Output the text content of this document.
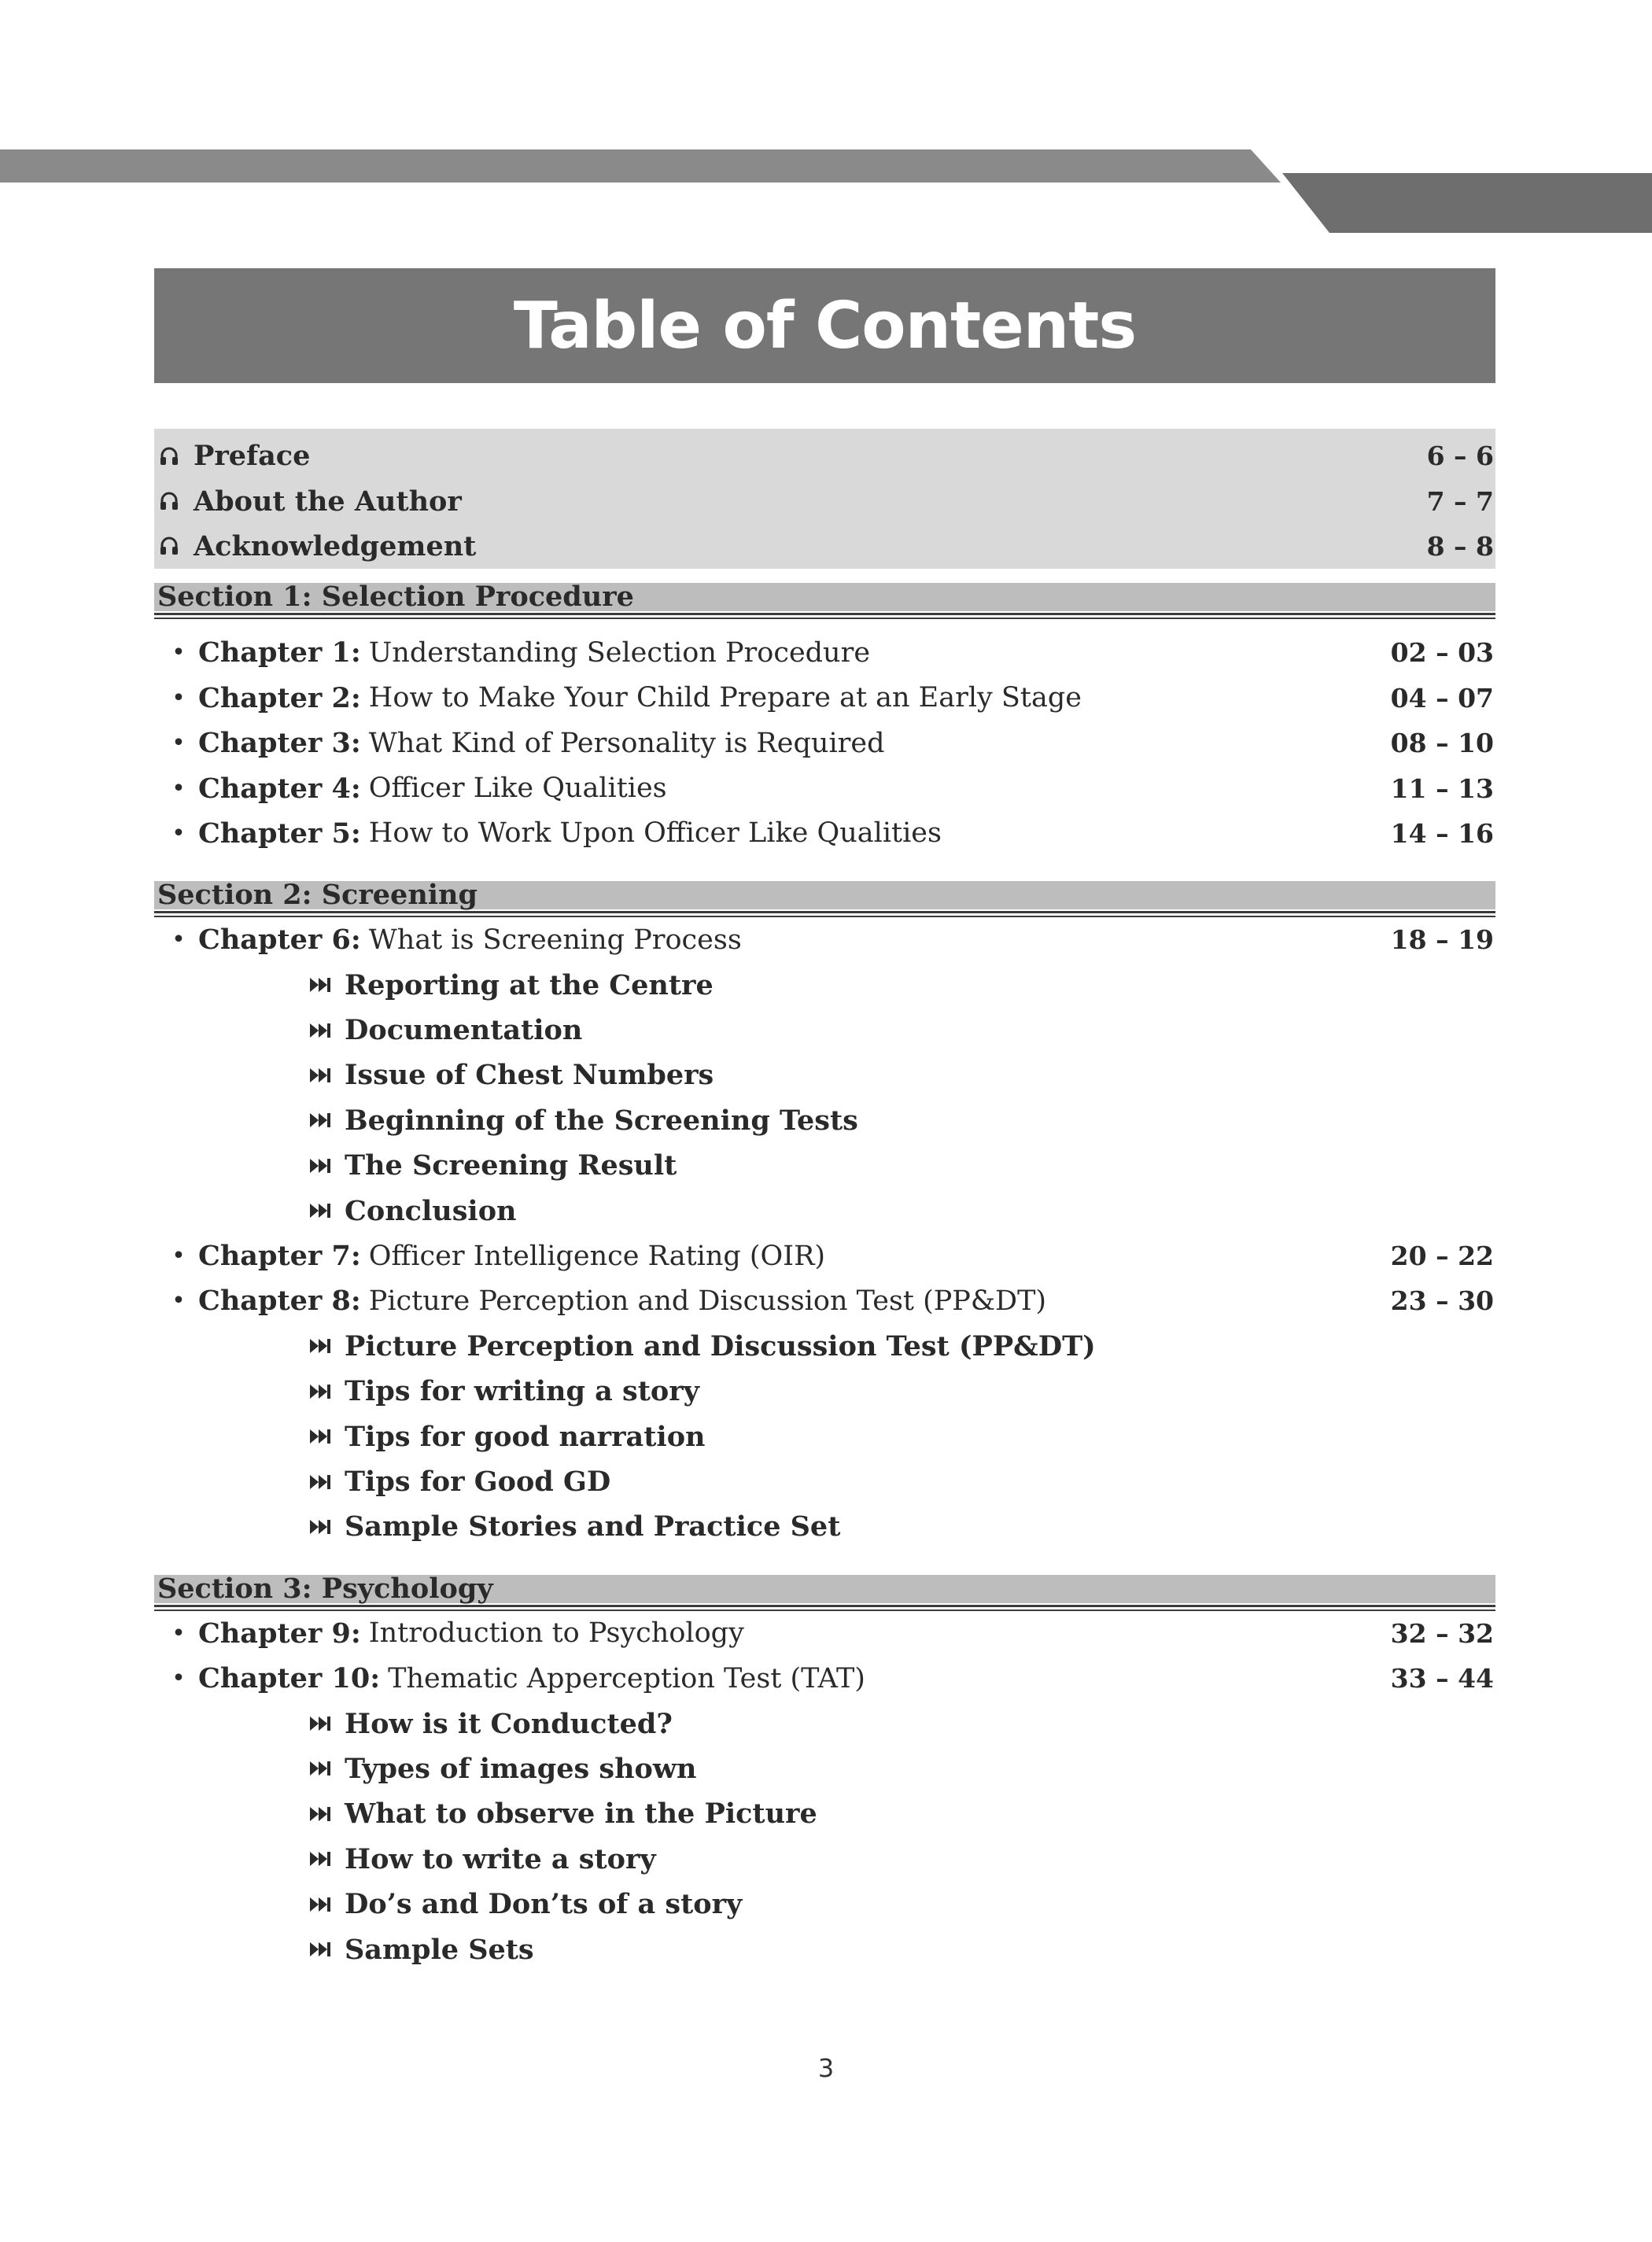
Table of Contents
Preface	6 – 6
About the Author	7 – 7
Acknowledgement	8 – 8
Section 1: Selection Procedure
• Chapter 1: Understanding Selection Procedure	02 – 03
• Chapter 2: How to Make Your Child Prepare at an Early Stage	04 – 07
• Chapter 3: What Kind of Personality is Required	08 – 10
• Chapter 4: Officer Like Qualities	11 – 13
• Chapter 5: How to Work Upon Officer Like Qualities	14 – 16
Section 2: Screening
• Chapter 6: What is Screening Process	18 – 19
Reporting at the Centre
Documentation
Issue of Chest Numbers
Beginning of the Screening Tests
The Screening Result
Conclusion
• Chapter 7: Officer Intelligence Rating (OIR)	20 – 22
• Chapter 8: Picture Perception and Discussion Test (PP&DT)	23 – 30
Picture Perception and Discussion Test (PP&DT)
Tips for writing a story
Tips for good narration
Tips for Good GD
Sample Stories and Practice Set
Section 3: Psychology
• Chapter 9: Introduction to Psychology	32 – 32
• Chapter 10: Thematic Apperception Test (TAT)	33 – 44
How is it Conducted?
Types of images shown
What to observe in the Picture
How to write a story
Do’s and Don’ts of a story
Sample Sets
3
